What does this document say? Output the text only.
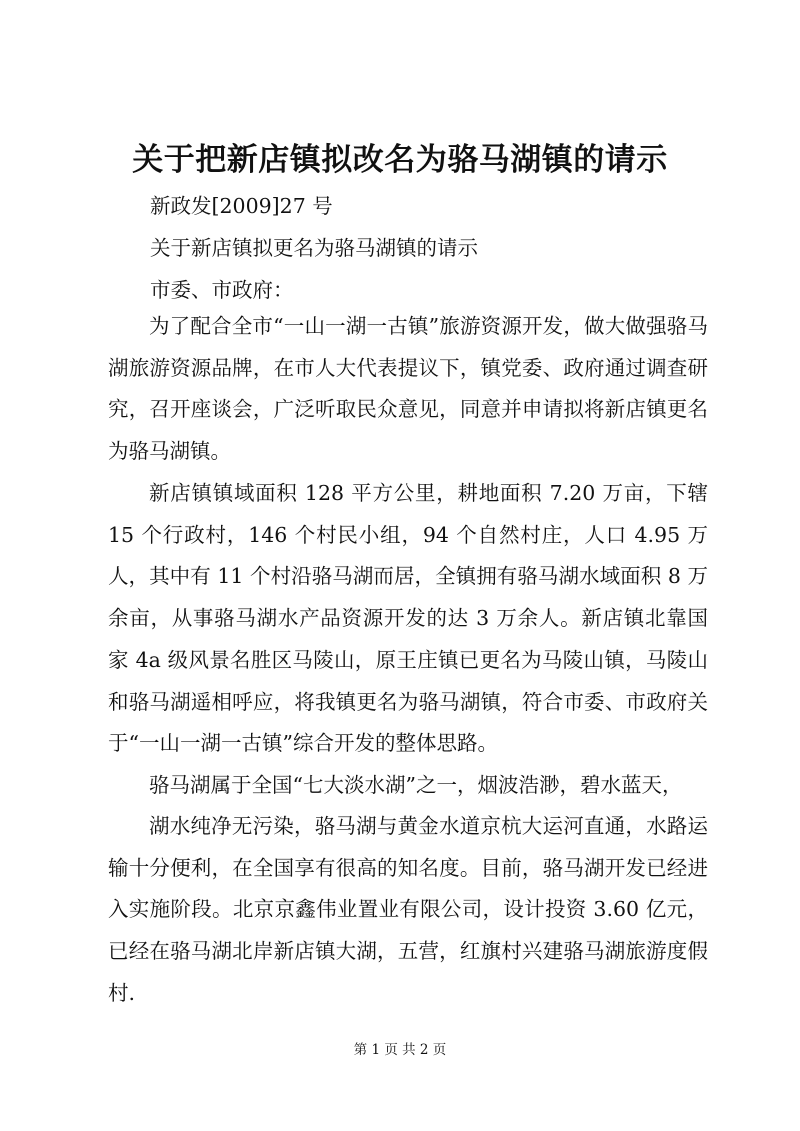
关于把新店镇拟改名为骆马湖镇的请示
新政发[2009]27 号
关于新店镇拟更名为骆马湖镇的请示
市委、市政府：

为了配合全市“一山一湖一古镇”旅游资源开发，做大做强骆马湖旅游资源品牌，在市人大代表提议下，镇党委、政府通过调查研究，召开座谈会，广泛听取民众意见，同意并申请拟将新店镇更名为骆马湖镇。

新店镇镇域面积 128 平方公里，耕地面积 7.20 万亩，下辖 15 个行政村，146 个村民小组，94 个自然村庄，人口 4.95 万人，其中有 11 个村沿骆马湖而居，全镇拥有骆马湖水域面积 8 万余亩，从事骆马湖水产品资源开发的达 3 万余人。新店镇北靠国家 4a 级风景名胜区马陵山，原王庄镇已更名为马陵山镇，马陵山和骆马湖遥相呼应，将我镇更名为骆马湖镇，符合市委、市政府关于“一山一湖一古镇”综合开发的整体思路。

骆马湖属于全国“七大淡水湖”之一，烟波浩渺，碧水蓝天，

湖水纯净无污染，骆马湖与黄金水道京杭大运河直通，水路运输十分便利，在全国享有很高的知名度。目前，骆马湖开发已经进入实施阶段。北京京鑫伟业置业有限公司，设计投资 3.60 亿元，已经在骆马湖北岸新店镇大湖，五营，红旗村兴建骆马湖旅游度假村.

第 1 页 共 2 页
